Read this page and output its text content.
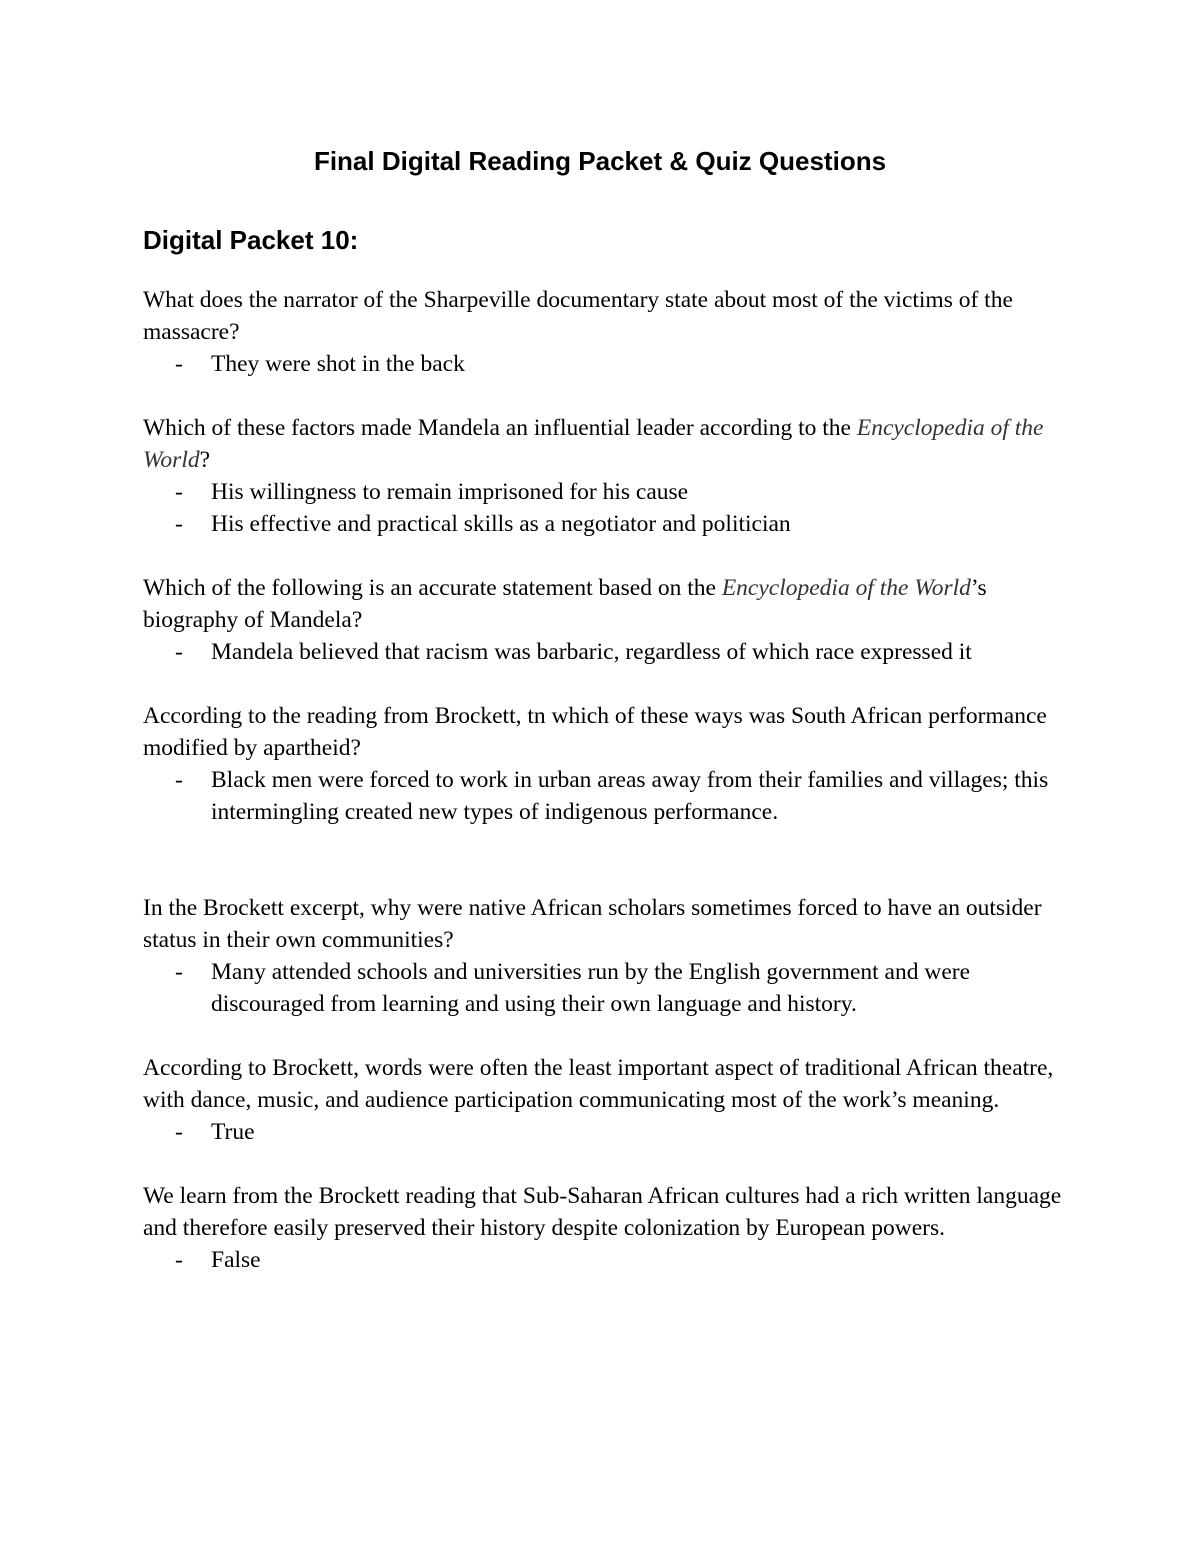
Final Digital Reading Packet & Quiz Questions
Digital Packet 10:

What does the narrator of the Sharpeville documentary state about most of the victims of the massacre?

- They were shot in the back

Which of these factors made Mandela an influential leader according to the Encyclopedia of the World?

- His willingness to remain imprisoned for his cause
- His effective and practical skills as a negotiator and politician

Which of the following is an accurate statement based on the Encyclopedia of the World’s biography of Mandela?

- Mandela believed that racism was barbaric, regardless of which race expressed it

According to the reading from Brockett, tn which of these ways was South African performance modified by apartheid?

- Black men were forced to work in urban areas away from their families and villages; this intermingling created new types of indigenous performance.

In the Brockett excerpt, why were native African scholars sometimes forced to have an outsider status in their own communities?

- Many attended schools and universities run by the English government and were discouraged from learning and using their own language and history.

According to Brockett, words were often the least important aspect of traditional African theatre, with dance, music, and audience participation communicating most of the work’s meaning.

- True

We learn from the Brockett reading that Sub-Saharan African cultures had a rich written language and therefore easily preserved their history despite colonization by European powers.

- False
